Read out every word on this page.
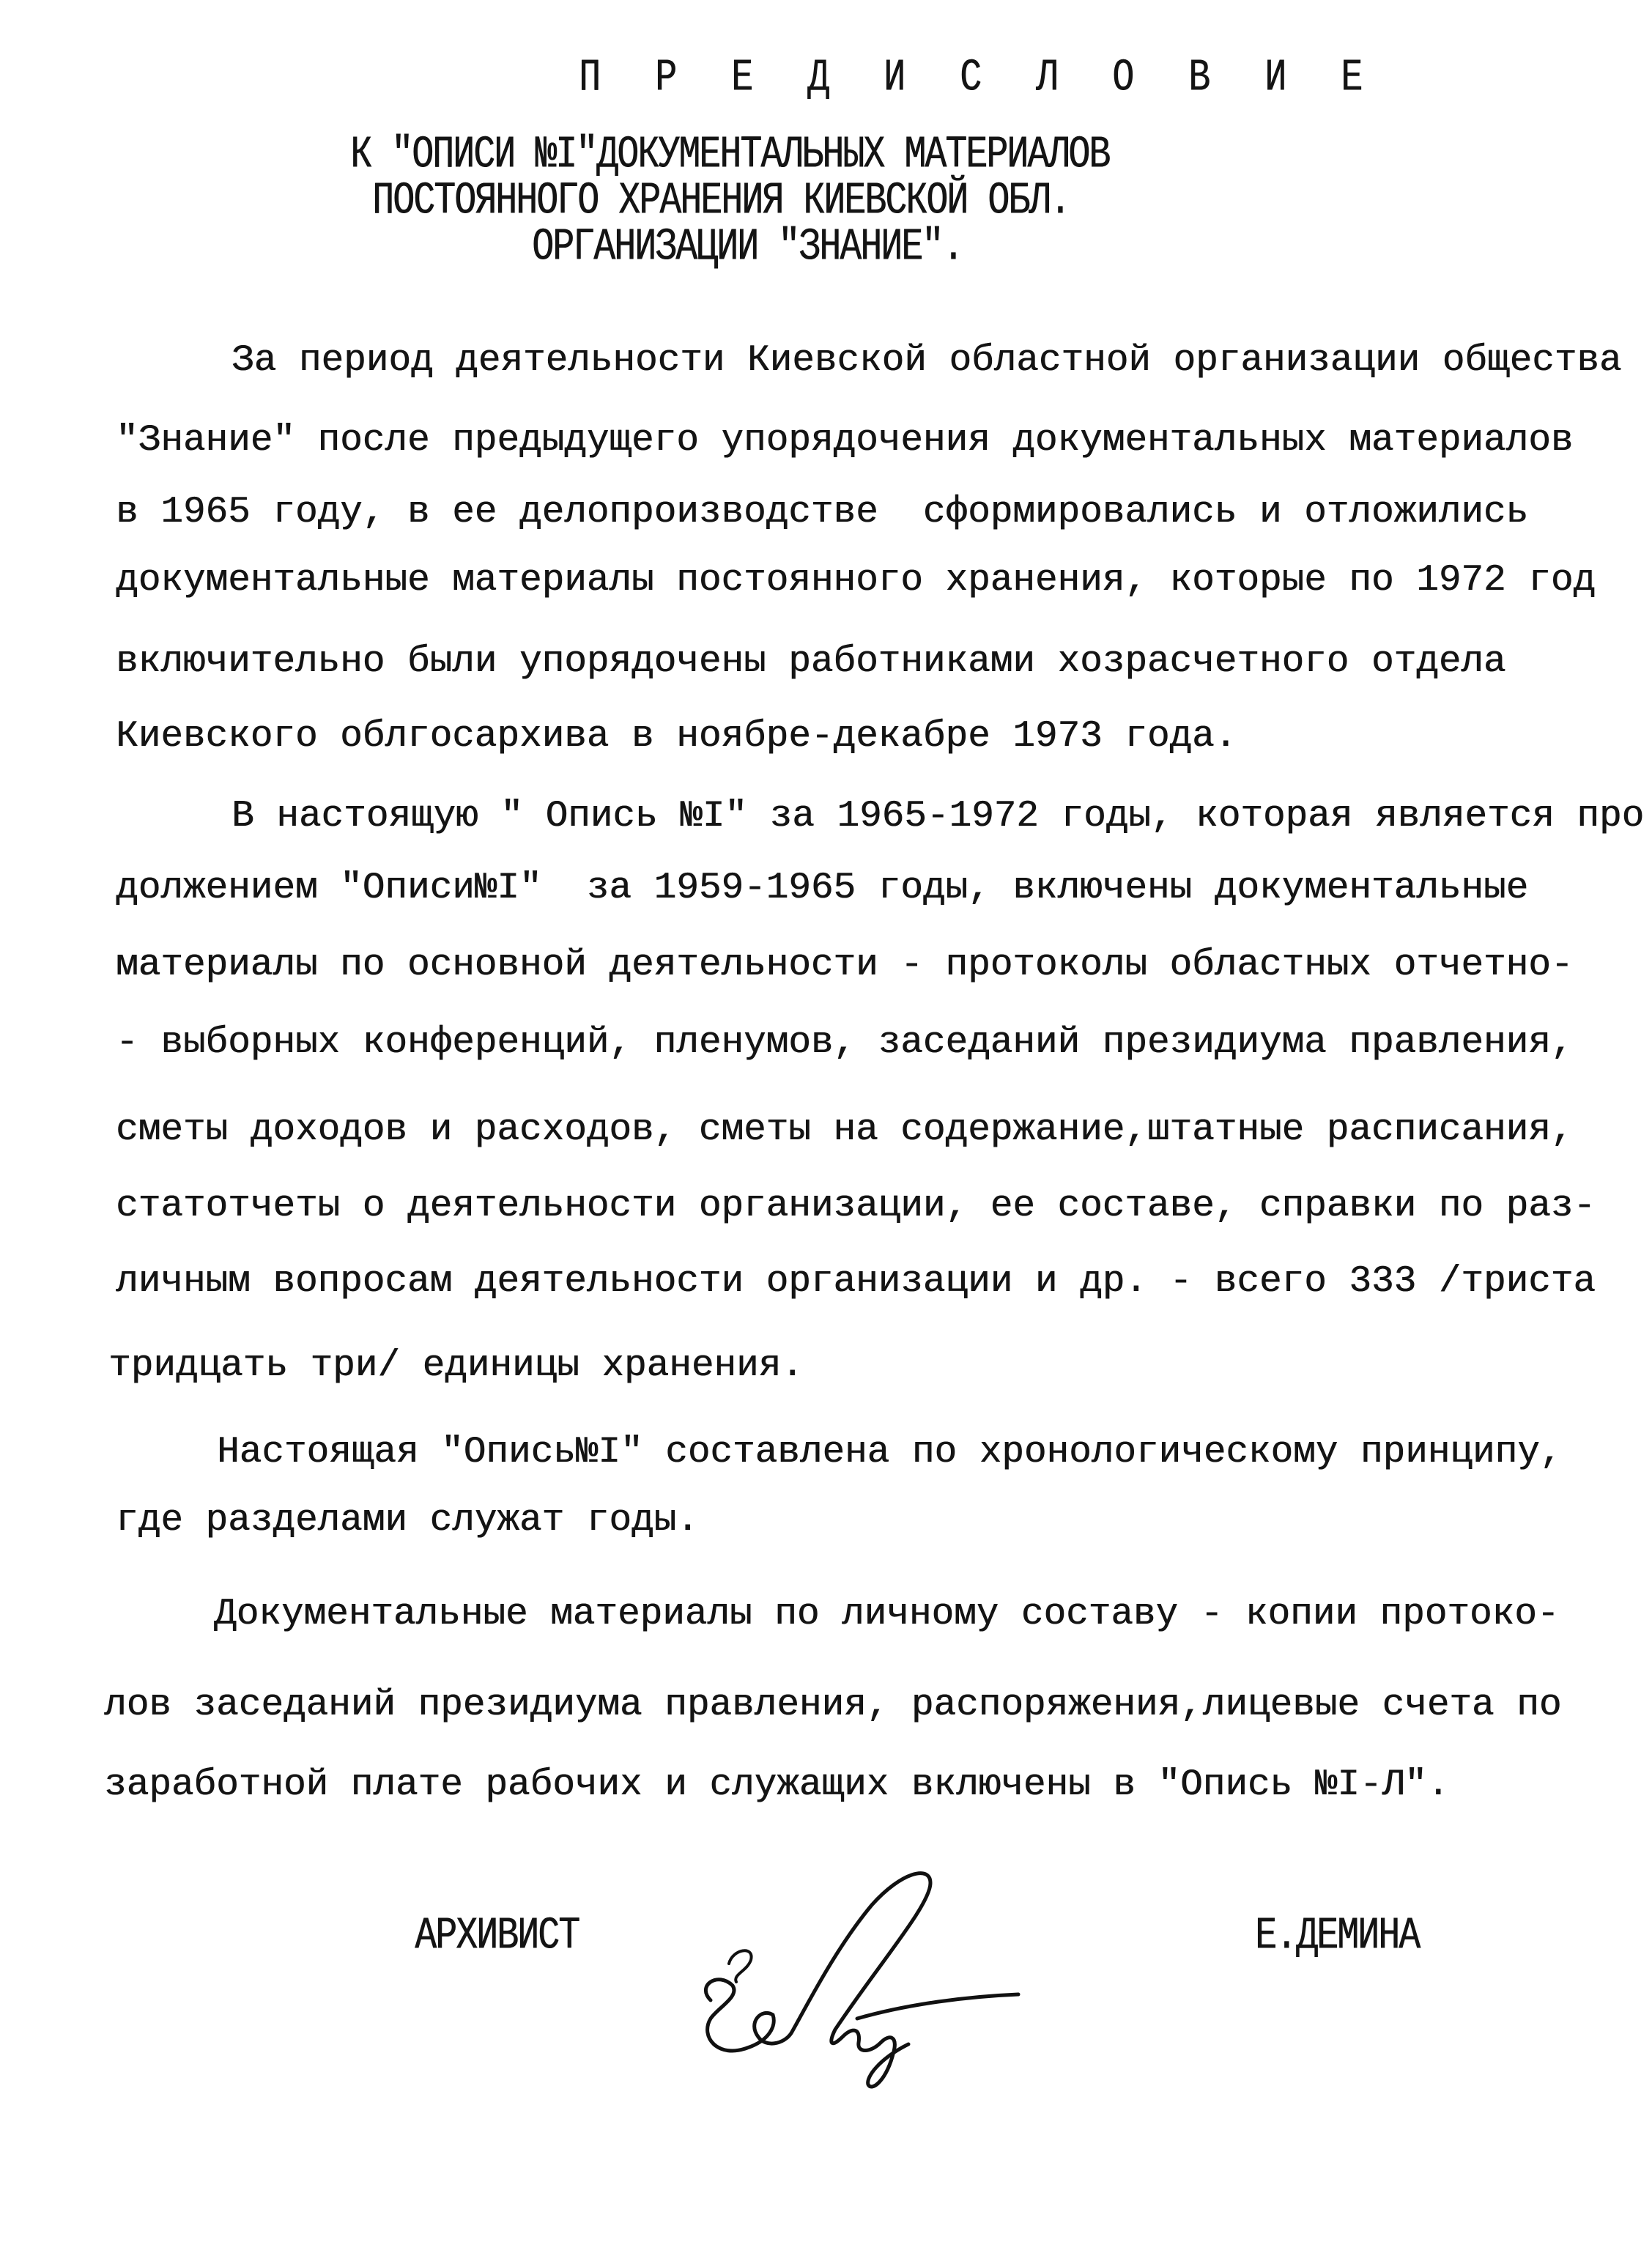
П Р Е Д И С Л О В И Е
К "ОПИСИ №I"ДОКУМЕНТАЛЬНЫХ МАТЕРИАЛОВ
ПОСТОЯННОГО ХРАНЕНИЯ КИЕВСКОЙ ОБЛ.
ОРГАНИЗАЦИИ "ЗНАНИЕ".
За период деятельности Киевской областной организации общества
"Знание" после предыдущего упорядочения документальных материалов
в 1965 году, в ее делопроизводстве  сформировались и отложились
документальные материалы постоянного хранения, которые по 1972 год
включительно были упорядочены работниками хозрасчетного отдела
Киевского облгосархива в ноябре-декабре 1973 года.
В настоящую " Опись №I" за 1965-1972 годы, которая является про
должением "Описи№I"  за 1959-1965 годы, включены документальные
материалы по основной деятельности - протоколы областных отчетно-
- выборных конференций, пленумов, заседаний президиума правления,
сметы доходов и расходов, сметы на содержание,штатные расписания,
статотчеты о деятельности организации, ее составе, справки по раз-
личным вопросам деятельности организации и др. - всего 333 /триста
тридцать три/ единицы хранения.
Настоящая "Опись№I" составлена по хронологическому принципу,
где разделами служат годы.
Документальные материалы по личному составу - копии протоко-
лов заседаний президиума правления, распоряжения,лицевые счета по
заработной плате рабочих и служащих включены в "Опись №I-Л".
АРХИВИСТ	Е.ДЕМИНА
